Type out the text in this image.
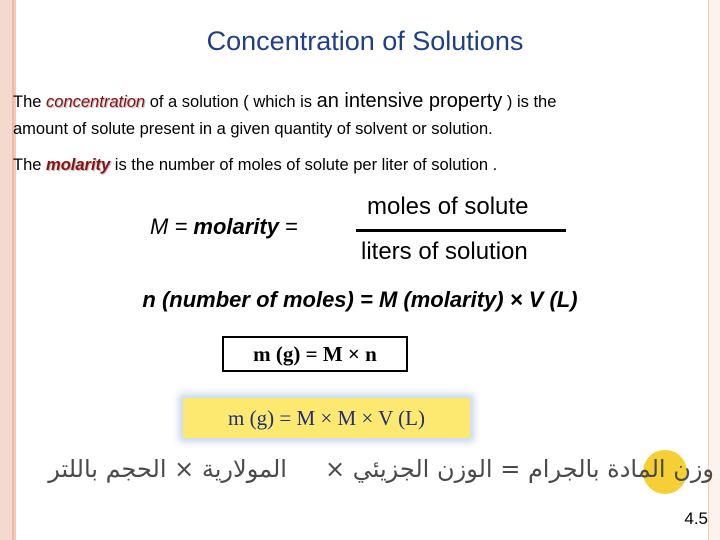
Concentration of Solutions
The concentration of a solution ( which is an intensive property ) is the
amount of solute present in a given quantity of solvent or solution.
The molarity is the number of moles of solute per liter of solution .
M = molarity =
moles of solute
liters of solution
n (number of moles) = M (molarity) × V (L)
m (g) = M × n
m (g) = M × M × V (L)
وزن المادة بالجرام = الوزن الجزيئي ×المولارية × الحجم باللتر
4.5
